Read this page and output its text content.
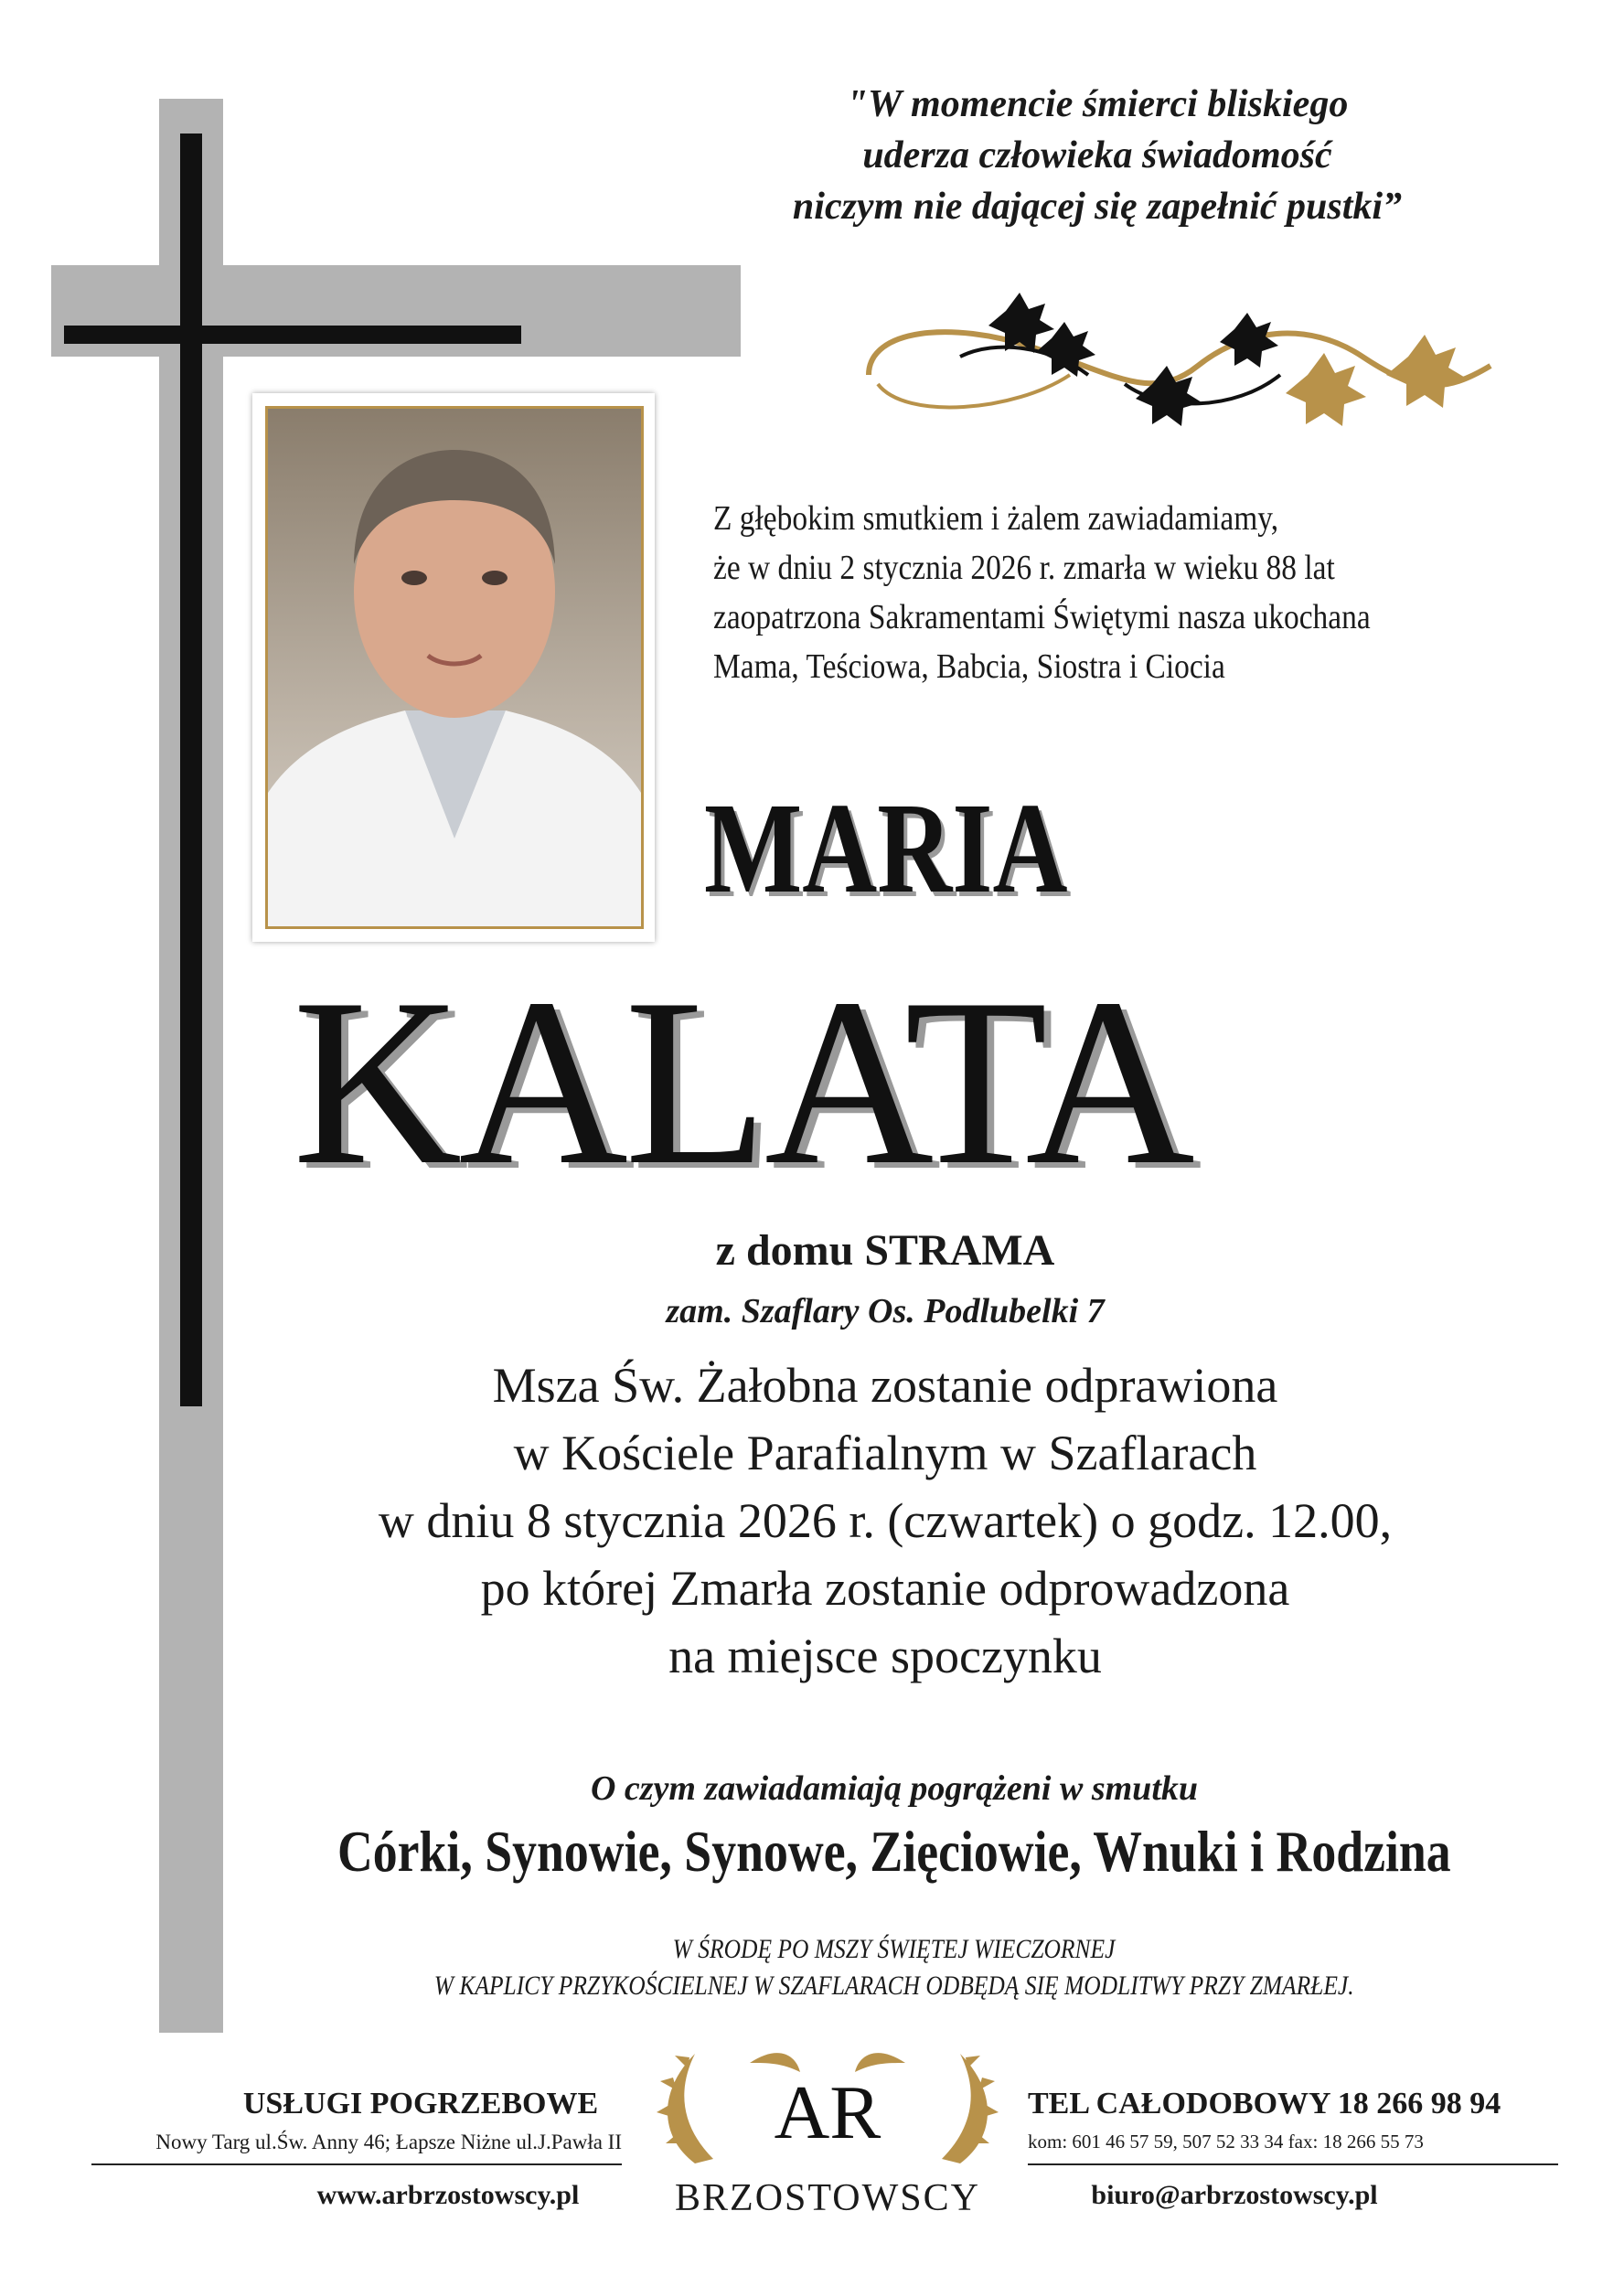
"W momencie śmierci bliskiego
uderza człowieka świadomość
niczym nie dającej się zapełnić pustki”
Z głębokim smutkiem i żalem zawiadamiamy,
że w dniu 2 stycznia 2026 r. zmarła w wieku 88 lat
zaopatrzona Sakramentami Świętymi nasza ukochana
Mama, Teściowa, Babcia, Siostra i Ciocia
MARIA
KALATA
z domu STRAMA
zam. Szaflary Os. Podlubelki 7
Msza Św. Żałobna zostanie odprawiona
w Kościele Parafialnym w Szaflarach
w dniu 8 stycznia 2026 r. (czwartek) o godz. 12.00,
po której Zmarła zostanie odprowadzona
na miejsce spoczynku
O czym zawiadamiają pogrążeni w smutku
Córki, Synowie, Synowe, Zięciowie, Wnuki i Rodzina
W ŚRODĘ PO MSZY ŚWIĘTEJ WIECZORNEJ
W KAPLICY PRZYKOŚCIELNEJ W SZAFLARACH ODBĘDĄ SIĘ MODLITWY PRZY ZMARŁEJ.
USŁUGI POGRZEBOWE
Nowy Targ ul.Św. Anny 46; Łapsze Niżne ul.J.Pawła II
www.arbrzostowscy.pl
AR
BRZOSTOWSCY
TEL CAŁODOBOWY 18 266 98 94
kom: 601 46 57 59, 507 52 33 34 fax: 18 266 55 73
biuro@arbrzostowscy.pl
